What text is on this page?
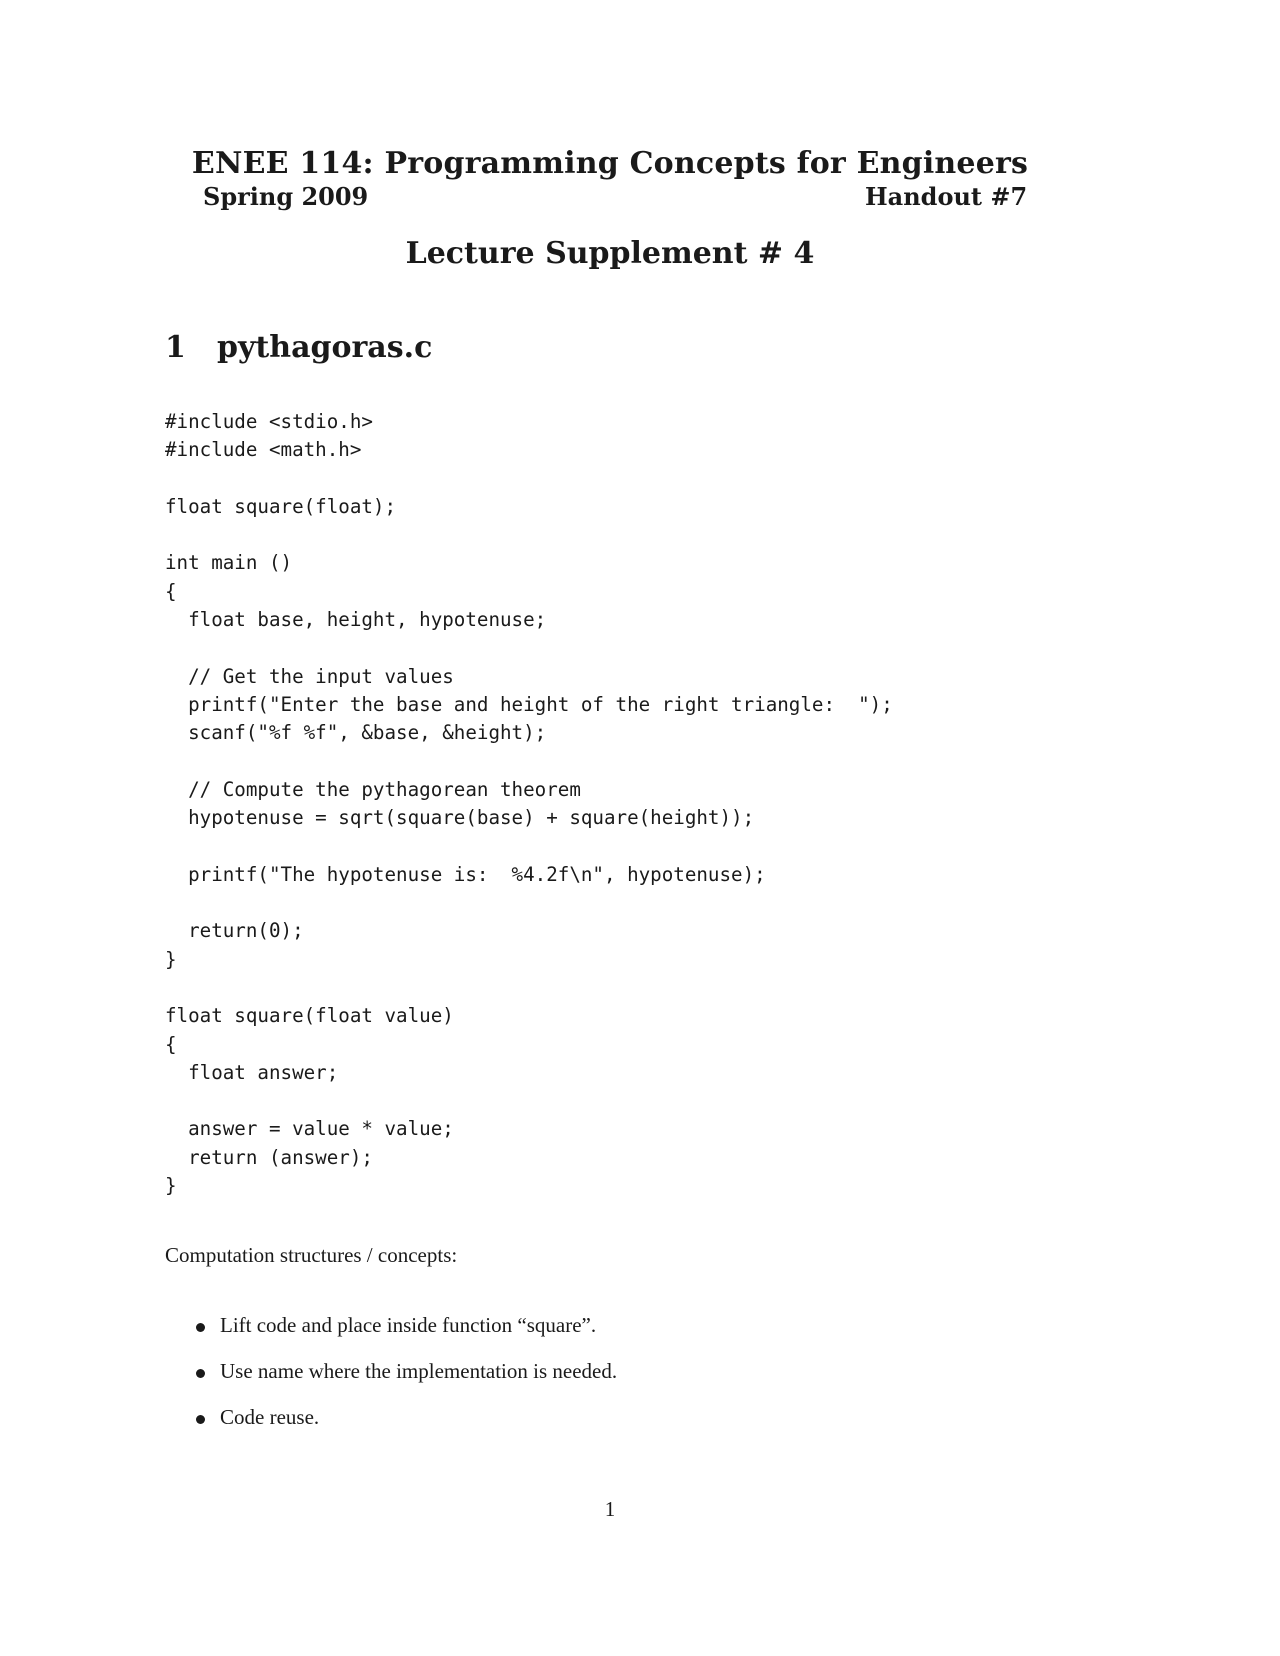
ENEE 114: Programming Concepts for Engineers
Spring 2009	Handout #7
Lecture Supplement # 4
1 pythagoras.c
#include <stdio.h>
#include <math.h>

float square(float);

int main ()
{
float base, height, hypotenuse;

// Get the input values
printf("Enter the base and height of the right triangle:  ");
scanf("%f %f", &base, &height);

// Compute the pythagorean theorem
hypotenuse = sqrt(square(base) + square(height));

printf("The hypotenuse is:  %4.2f\n", hypotenuse);

return(0);
}

float square(float value)
{
float answer;

answer = value * value;
return (answer);
}
Computation structures / concepts:
Lift code and place inside function “square”.
Use name where the implementation is needed.
Code reuse.
1
